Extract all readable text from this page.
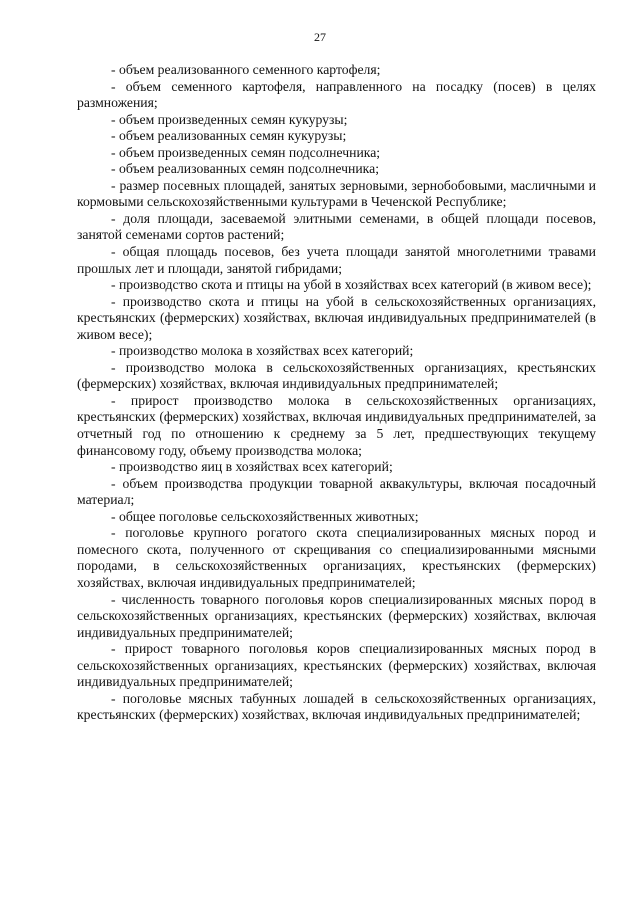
27

- объем реализованного семенного картофеля;

- объем семенного картофеля, направленного на посадку (посев) в целях размножения;

- объем произведенных семян кукурузы;

- объем реализованных семян кукурузы;

- объем произведенных семян подсолнечника;

- объем реализованных семян подсолнечника;

- размер посевных площадей, занятых зерновыми, зернобобовыми, масличными и кормовыми сельскохозяйственными культурами в Чеченской Республике;

- доля площади, засеваемой элитными семенами, в общей площади посевов, занятой семенами сортов растений;

- общая площадь посевов, без учета площади занятой многолетними травами прошлых лет и площади, занятой гибридами;

- производство скота и птицы на убой в хозяйствах всех категорий (в живом весе);

- производство скота и птицы на убой в сельскохозяйственных организациях, крестьянских (фермерских) хозяйствах, включая индивидуальных предпринимателей (в живом весе);

- производство молока в хозяйствах всех категорий;

- производство молока в сельскохозяйственных организациях, крестьянских (фермерских) хозяйствах, включая индивидуальных предпринимателей;

- прирост производство молока в сельскохозяйственных организациях, крестьянских (фермерских) хозяйствах, включая индивидуальных предпринимателей, за отчетный год по отношению к среднему за 5 лет, предшествующих текущему финансовому году, объему производства молока;

- производство яиц в хозяйствах всех категорий;

- объем производства продукции товарной аквакультуры, включая посадочный материал;

- общее поголовье сельскохозяйственных животных;

- поголовье крупного рогатого скота специализированных мясных пород и помесного скота, полученного от скрещивания со специализированными мясными породами, в сельскохозяйственных организациях, крестьянских (фермерских) хозяйствах, включая индивидуальных предпринимателей;

- численность товарного поголовья коров специализированных мясных пород в сельскохозяйственных организациях, крестьянских (фермерских) хозяйствах, включая индивидуальных предпринимателей;

- прирост товарного поголовья коров специализированных мясных пород в сельскохозяйственных организациях, крестьянских (фермерских) хозяйствах, включая индивидуальных предпринимателей;

- поголовье мясных табунных лошадей в сельскохозяйственных организациях, крестьянских (фермерских) хозяйствах, включая индивидуальных предпринимателей;
